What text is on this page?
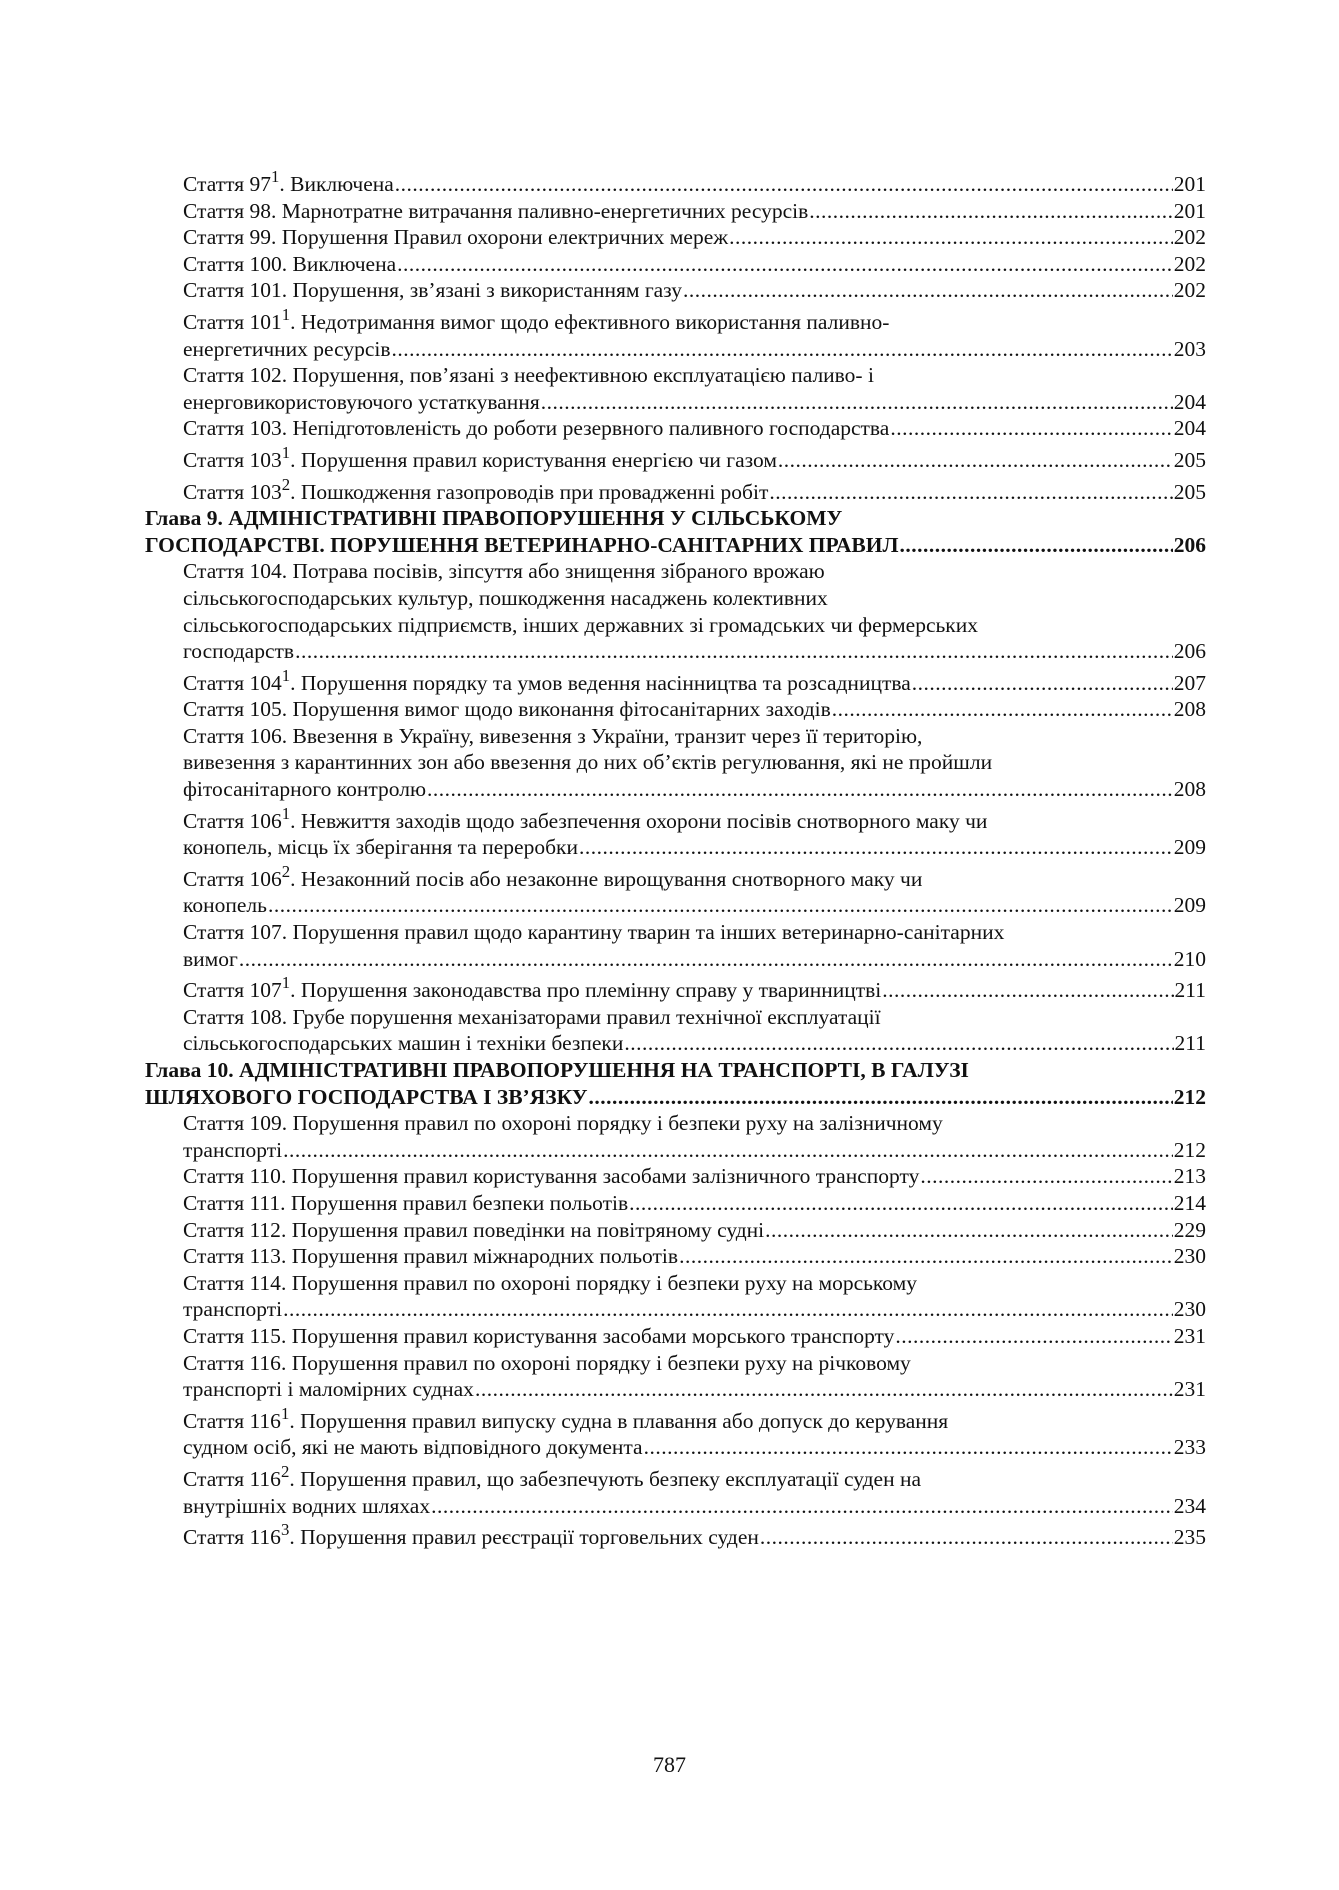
Стаття $97^1$. Виключена .....	201
Стаття 98. Марнотратне витрачання паливно-енергетичних ресурсів .....	201
Стаття 99. Порушення Правил охорони електричних мереж .....	202
Стаття 100. Виключена .....	202
Стаття 101. Порушення, зв’язані з використанням газу .....	202
Стаття $101^1$. Недотримання вимог щодо ефективного використання паливно-
енергетичних ресурсів .....	203
Стаття 102. Порушення, пов’язані з неефективною експлуатацією паливо- і
енерговикористовуючого устаткування .....	204
Стаття 103. Непідготовленість до роботи резервного паливного господарства .....	204
Стаття $103^1$. Порушення правил користування енергією чи газом .....	205
Стаття $103^2$. Пошкодження газопроводів при провадженні робіт .....	205
Глава 9. АДМІНІСТРАТИВНІ ПРАВОПОРУШЕННЯ У СІЛЬСЬКОМУ
ГОСПОДАРСТВІ. ПОРУШЕННЯ ВЕТЕРИНАРНО-САНІТАРНИХ ПРАВИЛ .....	206
Стаття 104. Потрава посівів, зіпсуття або знищення зібраного врожаю
сільськогосподарських культур, пошкодження насаджень колективних
сільськогосподарських підприємств, інших державних зі громадських чи фермерських
господарств .....	206
Стаття $104^1$. Порушення порядку та умов ведення насінництва та розсадництва .....	207
Стаття 105. Порушення вимог щодо виконання фітосанітарних заходів .....	208
Стаття 106. Ввезення в Україну, вивезення з України, транзит через її територію,
вивезення з карантинних зон або ввезення до них об’єктів регулювання, які не пройшли
фітосанітарного контролю .....	208
Стаття $106^1$. Невжиття заходів щодо забезпечення охорони посівів снотворного маку чи
конопель, місць їх зберігання та переробки .....	209
Стаття $106^2$. Незаконний посів або незаконне вирощування снотворного маку чи
конопель .....	209
Стаття 107. Порушення правил щодо карантину тварин та інших ветеринарно-санітарних
вимог .....	210
Стаття $107^1$. Порушення законодавства про племінну справу у тваринництві .....	211
Стаття 108. Грубе порушення механізаторами правил технічної експлуатації
сільськогосподарських машин і техніки безпеки .....	211
Глава 10. АДМІНІСТРАТИВНІ ПРАВОПОРУШЕННЯ НА ТРАНСПОРТІ, В ГАЛУЗІ
ШЛЯХОВОГО ГОСПОДАРСТВА І ЗВ’ЯЗКУ .....	212
Стаття 109. Порушення правил по охороні порядку і безпеки руху на залізничному
транспорті .....	212
Стаття 110. Порушення правил користування засобами залізничного транспорту .....	213
Стаття 111. Порушення правил безпеки польотів .....	214
Стаття 112. Порушення правил поведінки на повітряному судні .....	229
Стаття 113. Порушення правил міжнародних польотів .....	230
Стаття 114. Порушення правил по охороні порядку і безпеки руху на морському
транспорті .....	230
Стаття 115. Порушення правил користування засобами морського транспорту .....	231
Стаття 116. Порушення правил по охороні порядку і безпеки руху на річковому
транспорті і маломірних суднах .....	231
Стаття $116^1$. Порушення правил випуску судна в плавання або допуск до керування
судном осіб, які не мають відповідного документа .....	233
Стаття $116^2$. Порушення правил, що забезпечують безпеку експлуатації суден на
внутрішніх водних шляхах .....	234
Стаття $116^3$. Порушення правил реєстрації торговельних суден .....	235
787
